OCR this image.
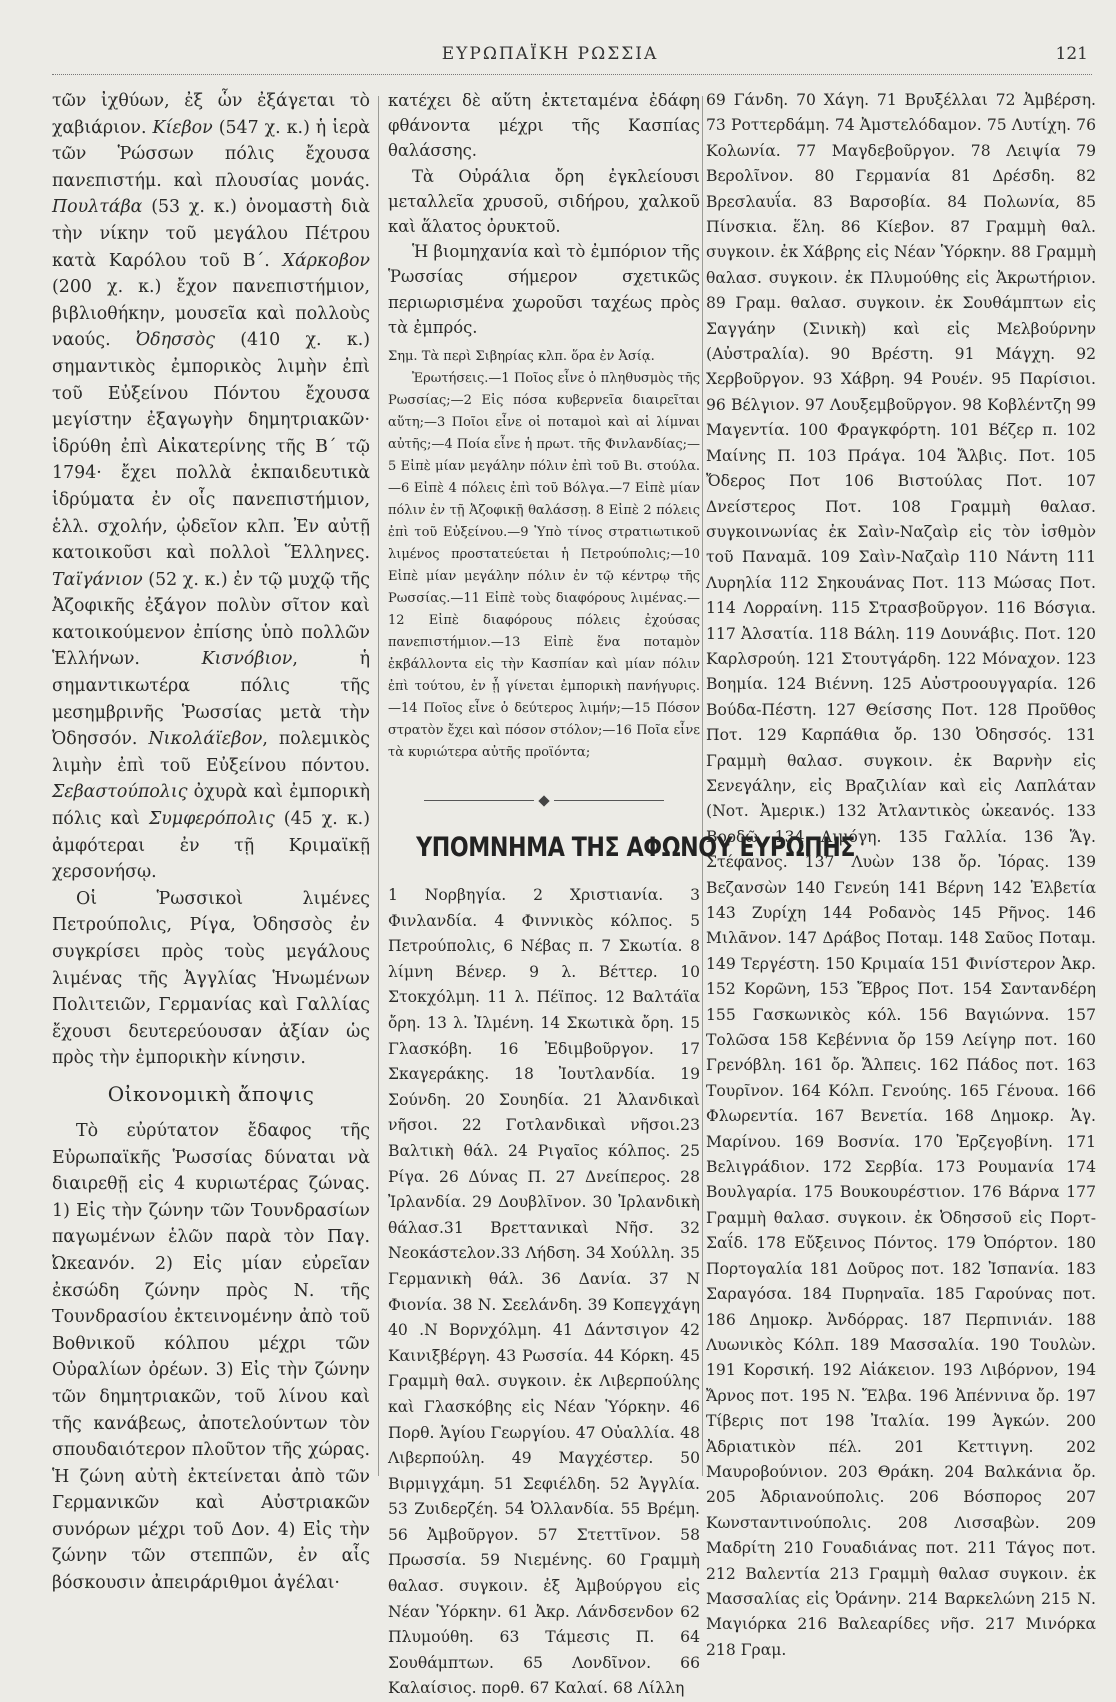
ΕΥΡΩΠΑΪΚΗ ΡΩΣΣΙΑ	121

τῶν ἰχθύων, ἐξ ὧν ἐξάγεται τὸ χαβιάριον. Κίεβον (547 χ. κ.) ἡ ἱερὰ τῶν Ῥώσσων πόλις ἔχουσα πανεπιστήμ. καὶ πλουσίας μονάς. Πουλτάβα (53 χ. κ.) ὀνομαστὴ διὰ τὴν νίκην τοῦ μεγάλου Πέτρου κατὰ Καρόλου τοῦ Β΄. Χάρκοβον (200 χ. κ.) ἔχον πανεπιστήμιον, βιβλιοθήκην, μουσεῖα καὶ πολλοὺς ναούς. Ὀδησσὸς (410 χ. κ.) σημαντικὸς ἐμπορικὸς λιμὴν ἐπὶ τοῦ Εὐξείνου Πόντου ἔχουσα μεγίστην ἐξαγωγὴν δημητριακῶν· ἱδρύθη ἐπὶ Αἰκατερίνης τῆς Β΄ τῷ 1794· ἔχει πολλὰ ἐκπαιδευτικὰ ἱδρύματα ἐν οἷς πανεπιστήμιον, ἑλλ. σχολήν, ᾠδεῖον κλπ. Ἐν αὐτῇ κατοικοῦσι καὶ πολλοὶ Ἕλληνες. Ταϊγάνιον (52 χ. κ.) ἐν τῷ μυχῷ τῆς Ἀζοφικῆς ἐξάγον πολὺν σῖτον καὶ κατοικούμενον ἐπίσης ὑπὸ πολλῶν Ἑλλήνων. Κισνόβιον, ἡ σημαντικωτέρα πόλις τῆς μεσημβρινῆς Ῥωσσίας μετὰ τὴν Ὀδησσόν. Νικολάϊεβον, πολεμικὸς λιμὴν ἐπὶ τοῦ Εὐξείνου πόντου. Σεβαστούπολις ὀχυρὰ καὶ ἐμπορικὴ πόλις καὶ Συμφερόπολις (45 χ. κ.) ἀμφότεραι ἐν τῇ Κριμαϊκῇ χερσονήσῳ.

Οἱ Ῥωσσικοὶ λιμένες Πετρούπολις, Ρίγα, Ὀδησσὸς ἐν συγκρίσει πρὸς τοὺς μεγάλους λιμένας τῆς Ἀγγλίας Ἡνωμένων Πολιτειῶν, Γερμανίας καὶ Γαλλίας ἔχουσι δευτερεύουσαν ἀξίαν ὡς πρὸς τὴν ἐμπορικὴν κίνησιν.

Οἰκονομικὴ ἄποψις

Τὸ εὐρύτατον ἔδαφος τῆς Εὐρωπαϊκῆς Ῥωσσίας δύναται νὰ διαιρεθῇ εἰς 4 κυριωτέρας ζώνας. 1) Εἰς τὴν ζώνην τῶν Τουνδρασίων παγωμένων ἑλῶν παρὰ τὸν Παγ. Ὠκεανόν. 2) Εἰς μίαν εὐρεῖαν ἐκσώδη ζώνην πρὸς Ν. τῆς Τουνδρασίου ἐκτεινομένην ἀπὸ τοῦ Βοθνικοῦ κόλπου μέχρι τῶν Οὐραλίων ὀρέων. 3) Εἰς τὴν ζώνην τῶν δημητριακῶν, τοῦ λίνου καὶ τῆς κανάβεως, ἀποτελούντων τὸν σπουδαιότερον πλοῦτον τῆς χώρας. Ἡ ζώνη αὐτὴ ἐκτείνεται ἀπὸ τῶν Γερμανικῶν καὶ Αὐστριακῶν συνόρων μέχρι τοῦ Δον. 4) Εἰς τὴν ζώνην τῶν στεππῶν, ἐν αἷς βόσκουσιν ἀπειράριθμοι ἀγέλαι·

κατέχει δὲ αὕτη ἐκτεταμένα ἐδάφη φθάνοντα μέχρι τῆς Κασπίας θαλάσσης.

Τὰ Οὐράλια ὄρη ἐγκλείουσι μεταλλεῖα χρυσοῦ, σιδήρου, χαλκοῦ καὶ ἅλατος ὀρυκτοῦ.

Ἡ βιομηχανία καὶ τὸ ἐμπόριον τῆς Ῥωσσίας σήμερον σχετικῶς περιωρισμένα χωροῦσι ταχέως πρὸς τὰ ἐμπρός.

Σημ. Τὰ περὶ Σιβηρίας κλπ. ὅρα ἐν Ἀσίᾳ.

Ἐρωτήσεις.—1 Ποῖος εἶνε ὁ πληθυσμὸς τῆς Ρωσσίας;—2 Εἰς πόσα κυβερνεῖα διαιρεῖται αὕτη;—3 Ποῖοι εἶνε οἱ ποταμοὶ καὶ αἱ λίμναι αὐτῆς;—4 Ποία εἶνε ἡ πρωτ. τῆς Φινλανδίας;—5 Εἰπὲ μίαν μεγάλην πόλιν ἐπὶ τοῦ Βι. στούλα.—6 Εἰπὲ 4 πόλεις ἐπὶ τοῦ Βόλγα.—7 Εἰπὲ μίαν πόλιν ἐν τῇ Ἀζοφικῇ θαλάσσῃ. 8 Εἰπὲ 2 πόλεις ἐπὶ τοῦ Εὐξείνου.—9 Ὑπὸ τίνος στρατιωτικοῦ λιμένος προστατεύεται ἡ Πετρούπολις;—10 Εἰπὲ μίαν μεγάλην πόλιν ἐν τῷ κέντρῳ τῆς Ρωσσίας.—11 Εἰπὲ τοὺς διαφόρους λιμένας.—12 Εἰπὲ διαφόρους πόλεις ἐχούσας πανεπιστήμιον.—13 Εἰπὲ ἕνα ποταμὸν ἐκβάλλοντα εἰς τὴν Κασπίαν καὶ μίαν πόλιν ἐπὶ τούτου, ἐν ᾗ γίνεται ἐμπορικὴ πανήγυρις.—14 Ποῖος εἶνε ὁ δεύτερος λιμήν;—15 Πόσον στρατὸν ἔχει καὶ πόσον στόλον;—16 Ποῖα εἶνε τὰ κυριώτερα αὐτῆς προϊόντα;

ΥΠΟΜΝΗΜΑ ΤΗΣ ΑΦΩΝΟΥ ΕΥΡΩΠΗΣ

1 Νορβηγία. 2 Χριστιανία. 3 Φινλανδία. 4 Φιννικὸς κόλπος. 5 Πετρούπολις, 6 Νέβας π. 7 Σκωτία. 8 λίμνη Βένερ. 9 λ. Βέττερ. 10 Στοκχόλμη. 11 λ. Πέϊπος. 12 Βαλτάϊα ὄρη. 13 λ. Ἰλμένη. 14 Σκωτικὰ ὄρη. 15 Γλασκόβη. 16 Ἐδιμβοῦργον. 17 Σκαγεράκης. 18 Ἰουτλανδία. 19 Σούνδη. 20 Σουηδία. 21 Ἀλανδικαὶ νῆσοι. 22 Γοτλανδικαὶ νῆσοι.23 Βαλτικὴ θάλ. 24 Ριγαῖος κόλπος. 25 Ρίγα. 26 Δύνας Π. 27 Δνείπερος. 28 Ἰρλανδία. 29 Δουβλῖνον. 30 Ἰρλανδικὴ θάλασ.31 Βρεττανικαὶ Νῆσ. 32 Νεοκάστελον.33 Λήδση. 34 Χούλλη. 35 Γερμανικὴ θάλ. 36 Δανία. 37 Ν Φιονία. 38 Ν. Σεελάνδη. 39 Κοπεγχάγη 40 .Ν Βορνχόλμη. 41 Δάντσιγον 42 Καινιξβέργη. 43 Ρωσσία. 44 Κόρκη. 45 Γραμμὴ θαλ. συγκοιν. ἐκ Λιβερπούλης καὶ Γλασκόβης εἰς Νέαν Ὑόρκην. 46 Πορθ. Ἁγίου Γεωργίου. 47 Οὐαλλία. 48 Λιβερπούλη. 49 Μαγχέστερ. 50 Βιρμιγχάμη. 51 Σεφιέλδη. 52 Ἀγγλία. 53 Ζυιδερζέη. 54 Ὀλλανδία. 55 Βρέμη. 56 Ἀμβοῦργον. 57 Στεττῖνον. 58 Πρωσσία. 59 Νιεμένης. 60 Γραμμὴ θαλασ. συγκοιν. ἐξ Ἀμβούργου εἰς Νέαν Ὑόρκην. 61 Ἀκρ. Λάνδσενδον 62 Πλυμούθη. 63 Τάμεσις Π. 64 Σουθάμπτων. 65 Λονδῖνον. 66 Καλαίσιος. πορθ. 67 Καλαί. 68 Λίλλη

69 Γάνδη. 70 Χάγη. 71 Βρυξέλλαι 72 Ἀμβέρση. 73 Ροττερδάμη. 74 Ἀμστελόδαμον. 75 Λυτίχη. 76 Κολωνία. 77 Μαγδεβοῦργον. 78 Λειψία 79 Βερολῖνον. 80 Γερμανία 81 Δρέσδη. 82 Βρεσλαυΐα. 83 Βαρσοβία. 84 Πολωνία, 85 Πίνσκια. ἕλη. 86 Κίεβον. 87 Γραμμὴ θαλ. συγκοιν. ἐκ Χάβρης εἰς Νέαν Ὑόρκην. 88 Γραμμὴ θαλασ. συγκοιν. ἐκ Πλυμούθης εἰς Ἀκρωτήριον. 89 Γραμ. θαλασ. συγκοιν. ἐκ Σουθάμπτων εἰς Σαγγάην (Σινικὴ) καὶ εἰς Μελβούρνην (Αὐστραλία). 90 Βρέστη. 91 Μάγχη. 92 Χερβοῦργον. 93 Χάβρη. 94 Ρουέν. 95 Παρίσιοι. 96 Βέλγιον. 97 Λουξεμβοῦργον. 98 Κοβλέντζη 99 Μαγεντία. 100 Φραγκφόρτη. 101 Βέζερ π. 102 Μαίνης Π. 103 Πράγα. 104 Ἄλβις. Ποτ. 105 Ὄδερος Ποτ 106 Βιστούλας Ποτ. 107 Δνείστερος Ποτ. 108 Γραμμὴ θαλασ. συγκοινωνίας ἐκ Σαὶν-Ναζαὶρ εἰς τὸν ἰσθμὸν τοῦ Παναμᾶ. 109 Σαὶν-Ναζαὶρ 110 Νάντη 111 Λυρηλία 112 Σηκουάνας Ποτ. 113 Μώσας Ποτ. 114 Λορραίνη. 115 Στρασβοῦργον. 116 Βόσγια. 117 Ἀλσατία. 118 Βάλη. 119 Δουνάβις. Ποτ. 120 Καρλσρούη. 121 Στουτγάρδη. 122 Μόναχον. 123 Βοημία. 124 Βιέννη. 125 Αὐστροουγγαρία. 126 Βούδα-Πέστη. 127 Θείσσης Ποτ. 128 Προῦθος Ποτ. 129 Καρπάθια ὄρ. 130 Ὀδησσός. 131 Γραμμὴ θαλασ. συγκοιν. ἐκ Βαρνὴν εἰς Σενεγάλην, εἰς Βραζιλίαν καὶ εἰς Λαπλάταν (Νοτ. Ἀμερικ.) 132 Ἀτλαντικὸς ὠκεανός. 133 Βορδῶ 134 Λιμόγη. 135 Γαλλία. 136 Ἅγ. Στέφανος. 137 Λυὼν 138 ὄρ. Ἰόρας. 139 Βεζανσὼν 140 Γενεύη 141 Βέρνη 142 Ἑλβετία 143 Ζυρίχη 144 Ροδανὸς 145 Ρῆνος. 146 Μιλᾶνον. 147 Δράβος Ποταμ. 148 Σαῦος Ποταμ. 149 Τεργέστη. 150 Κριμαία 151 Φινίστερον Ἀκρ. 152 Κορῶνη, 153 Ἔβρος Ποτ. 154 Σαντανδέρη 155 Γασκωνικὸς κόλ. 156 Βαγιώννα. 157 Τολῶσα 158 Κεβέννια ὄρ 159 Λείγηρ ποτ. 160 Γρενόβλη. 161 ὄρ. Ἄλπεις. 162 Πάδος ποτ. 163 Τουρῖνον. 164 Κόλπ. Γενούης. 165 Γένουα. 166 Φλωρεντία. 167 Βενετία. 168 Δημοκρ. Ἁγ. Μαρίνου. 169 Βοσνία. 170 Ἐρζεγοβίνη. 171 Βελιγράδιον. 172 Σερβία. 173 Ρουμανία 174 Βουλγαρία. 175 Βουκουρέστιον. 176 Βάρνα 177 Γραμμὴ θαλασ. συγκοιν. ἐκ Ὀδησσοῦ εἰς Πορτ-Σαΐδ. 178 Εὔξεινος Πόντος. 179 Ὀπόρτον. 180 Πορτογαλία 181 Δοῦρος ποτ. 182 Ἰσπανία. 183 Σαραγόσα. 184 Πυρηναῖα. 185 Γαρούνας ποτ. 186 Δημοκρ. Ἀνδόρρας. 187 Περπινιάν. 188 Λυωνικὸς Κόλπ. 189 Μασσαλία. 190 Τουλὼν. 191 Κορσική. 192 Αἰάκειον. 193 Λιβόρνον, 194 Ἄρνος ποτ. 195 Ν. Ἔλβα. 196 Ἀπέννινα ὄρ. 197 Τίβερις ποτ 198 Ἰταλία. 199 Ἀγκών. 200 Ἀδριατικὸν πέλ. 201 Κεττιγνη. 202 Μαυροβούνιον. 203 Θράκη. 204 Βαλκάνια ὄρ. 205 Ἀδριανούπολις. 206 Βόσπορος 207 Κωνσταντινούπολις. 208 Λισσαβὼν. 209 Μαδρίτη 210 Γουαδιάνας ποτ. 211 Τάγος ποτ. 212 Βαλεντία 213 Γραμμὴ θαλασ συγκοιν. ἐκ Μασσαλίας εἰς Ὀράνην. 214 Βαρκελώνη 215 Ν. Μαγιόρκα 216 Βαλεαρίδες νῆσ. 217 Μινόρκα 218 Γραμ.
